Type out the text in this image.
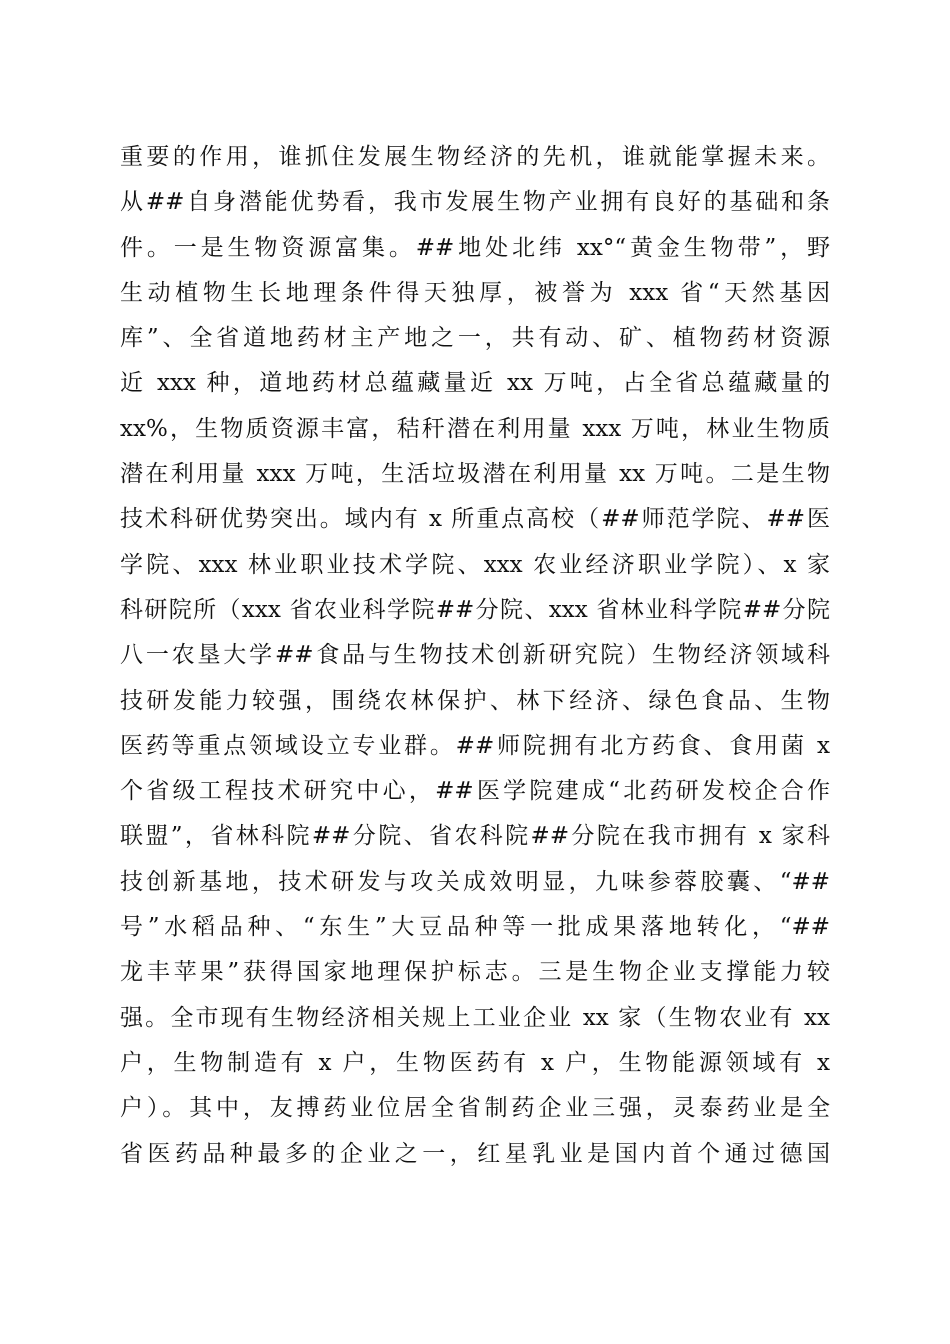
重要的作用，谁抓住发展生物经济的先机，谁就能掌握未来。
从##自身潜能优势看，我市发展生物产业拥有良好的基础和条
件。一是生物资源富集。##地处北纬 xx°“黄金生物带”，野
生动植物生长地理条件得天独厚，被誉为 xxx 省“天然基因
库”、全省道地药材主产地之一，共有动、矿、植物药材资源
近 xxx 种，道地药材总蕴藏量近 xx 万吨，占全省总蕴藏量的
xx%，生物质资源丰富，秸秆潜在利用量 xxx 万吨，林业生物质
潜在利用量 xxx 万吨，生活垃圾潜在利用量 xx 万吨。二是生物
技术科研优势突出。域内有 x 所重点高校（##师范学院、##医
学院、xxx 林业职业技术学院、xxx 农业经济职业学院）、x 家
科研院所（xxx 省农业科学院##分院、xxx 省林业科学院##分院
八一农垦大学##食品与生物技术创新研究院）生物经济领域科
技研发能力较强，围绕农林保护、林下经济、绿色食品、生物
医药等重点领域设立专业群。##师院拥有北方药食、食用菌 x
个省级工程技术研究中心，##医学院建成“北药研发校企合作
联盟”，省林科院##分院、省农科院##分院在我市拥有 x 家科
技创新基地，技术研发与攻关成效明显，九味参蓉胶囊、“##
号”水稻品种、“东生”大豆品种等一批成果落地转化，“##
龙丰苹果”获得国家地理保护标志。三是生物企业支撑能力较
强。全市现有生物经济相关规上工业企业 xx 家（生物农业有 xx
户，生物制造有 x 户，生物医药有 x 户，生物能源领域有 x
户）。其中，友搏药业位居全省制药企业三强，灵泰药业是全
省医药品种最多的企业之一，红星乳业是国内首个通过德国
